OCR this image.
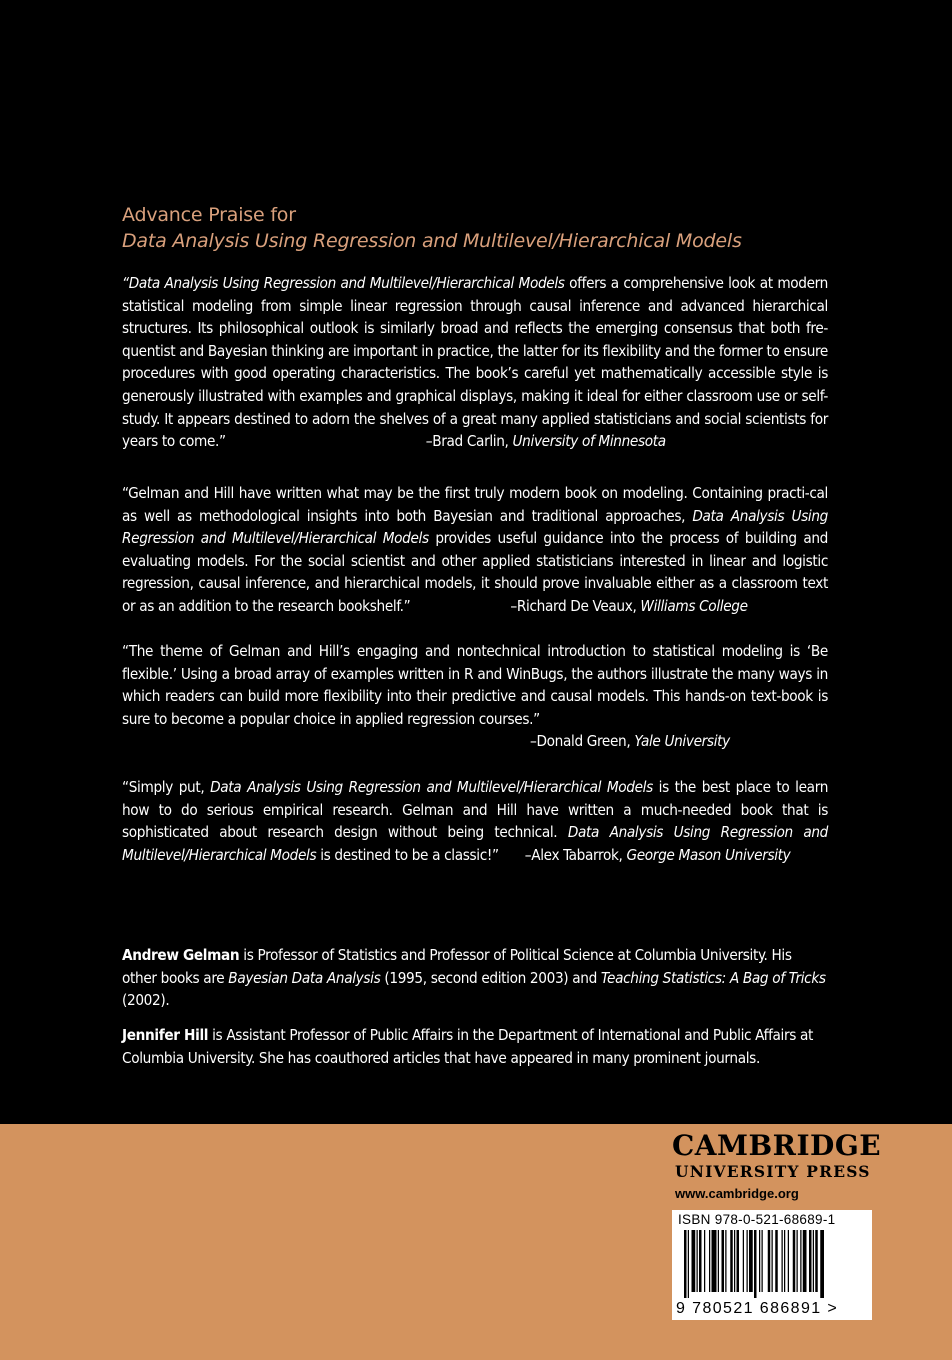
Advance Praise for
Data Analysis Using Regression and Multilevel/Hierarchical Models
“Data Analysis Using Regression and Multilevel/Hierarchical Models offers a comprehensive look at modern statistical modeling from simple linear regression through causal inference and advanced hierarchical structures. Its philosophical outlook is similarly broad and reflects the emerging consensus that both fre-quentist and Bayesian thinking are important in practice, the latter for its flexibility and the former to ensure procedures with good operating characteristics. The book’s careful yet mathematically accessible style is generously illustrated with examples and graphical displays, making it ideal for either classroom use or self-study. It appears destined to adorn the shelves of a great many applied statisticians and social scientists for years to come.”	–Brad Carlin, University of Minnesota
“Gelman and Hill have written what may be the first truly modern book on modeling. Containing practi-cal as well as methodological insights into both Bayesian and traditional approaches, Data Analysis Using Regression and Multilevel/Hierarchical Models provides useful guidance into the process of building and evaluating models. For the social scientist and other applied statisticians interested in linear and logistic regression, causal inference, and hierarchical models, it should prove invaluable either as a classroom text or as an addition to the research bookshelf.”	–Richard De Veaux, Williams College
“The theme of Gelman and Hill’s engaging and nontechnical introduction to statistical modeling is ‘Be flexible.’ Using a broad array of examples written in R and WinBugs, the authors illustrate the many ways in which readers can build more flexibility into their predictive and causal models. This hands-on text-book is sure to become a popular choice in applied regression courses.”
–Donald Green, Yale University
“Simply put, Data Analysis Using Regression and Multilevel/Hierarchical Models is the best place to learn how to do serious empirical research. Gelman and Hill have written a much-needed book that is sophisticated about research design without being technical. Data Analysis Using Regression and Multilevel/Hierarchical Models is destined to be a classic!” –Alex Tabarrok, George Mason University
Andrew Gelman is Professor of Statistics and Professor of Political Science at Columbia University. His other books are Bayesian Data Analysis (1995, second edition 2003) and Teaching Statistics: A Bag of Tricks (2002).
Jennifer Hill is Assistant Professor of Public Affairs in the Department of International and Public Affairs at Columbia University. She has coauthored articles that have appeared in many prominent journals.
CAMBRIDGE
UNIVERSITY PRESS
www.cambridge.org
ISBN 978-0-521-68689-1
9 780521 686891 >
